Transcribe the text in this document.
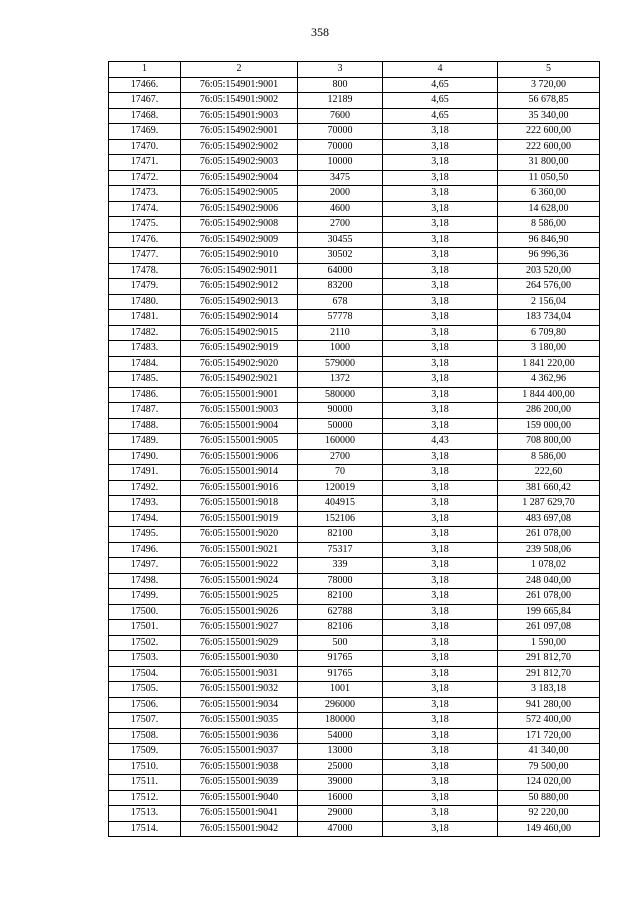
358
1	2	3	4	5
17466.	76:05:154901:9001	800	4,65	3 720,00
17467.	76:05:154901:9002	12189	4,65	56 678,85
17468.	76:05:154901:9003	7600	4,65	35 340,00
17469.	76:05:154902:9001	70000	3,18	222 600,00
17470.	76:05:154902:9002	70000	3,18	222 600,00
17471.	76:05:154902:9003	10000	3,18	31 800,00
17472.	76:05:154902:9004	3475	3,18	11 050,50
17473.	76:05:154902:9005	2000	3,18	6 360,00
17474.	76:05:154902:9006	4600	3,18	14 628,00
17475.	76:05:154902:9008	2700	3,18	8 586,00
17476.	76:05:154902:9009	30455	3,18	96 846,90
17477.	76:05:154902:9010	30502	3,18	96 996,36
17478.	76:05:154902:9011	64000	3,18	203 520,00
17479.	76:05:154902:9012	83200	3,18	264 576,00
17480.	76:05:154902:9013	678	3,18	2 156,04
17481.	76:05:154902:9014	57778	3,18	183 734,04
17482.	76:05:154902:9015	2110	3,18	6 709,80
17483.	76:05:154902:9019	1000	3,18	3 180,00
17484.	76:05:154902:9020	579000	3,18	1 841 220,00
17485.	76:05:154902:9021	1372	3,18	4 362,96
17486.	76:05:155001:9001	580000	3,18	1 844 400,00
17487.	76:05:155001:9003	90000	3,18	286 200,00
17488.	76:05:155001:9004	50000	3,18	159 000,00
17489.	76:05:155001:9005	160000	4,43	708 800,00
17490.	76:05:155001:9006	2700	3,18	8 586,00
17491.	76:05:155001:9014	70	3,18	222,60
17492.	76:05:155001:9016	120019	3,18	381 660,42
17493.	76:05:155001:9018	404915	3,18	1 287 629,70
17494.	76:05:155001:9019	152106	3,18	483 697,08
17495.	76:05:155001:9020	82100	3,18	261 078,00
17496.	76:05:155001:9021	75317	3,18	239 508,06
17497.	76:05:155001:9022	339	3,18	1 078,02
17498.	76:05:155001:9024	78000	3,18	248 040,00
17499.	76:05:155001:9025	82100	3,18	261 078,00
17500.	76:05:155001:9026	62788	3,18	199 665,84
17501.	76:05:155001:9027	82106	3,18	261 097,08
17502.	76:05:155001:9029	500	3,18	1 590,00
17503.	76:05:155001:9030	91765	3,18	291 812,70
17504.	76:05:155001:9031	91765	3,18	291 812,70
17505.	76:05:155001:9032	1001	3,18	3 183,18
17506.	76:05:155001:9034	296000	3,18	941 280,00
17507.	76:05:155001:9035	180000	3,18	572 400,00
17508.	76:05:155001:9036	54000	3,18	171 720,00
17509.	76:05:155001:9037	13000	3,18	41 340,00
17510.	76:05:155001:9038	25000	3,18	79 500,00
17511.	76:05:155001:9039	39000	3,18	124 020,00
17512.	76:05:155001:9040	16000	3,18	50 880,00
17513.	76:05:155001:9041	29000	3,18	92 220,00
17514.	76:05:155001:9042	47000	3,18	149 460,00
